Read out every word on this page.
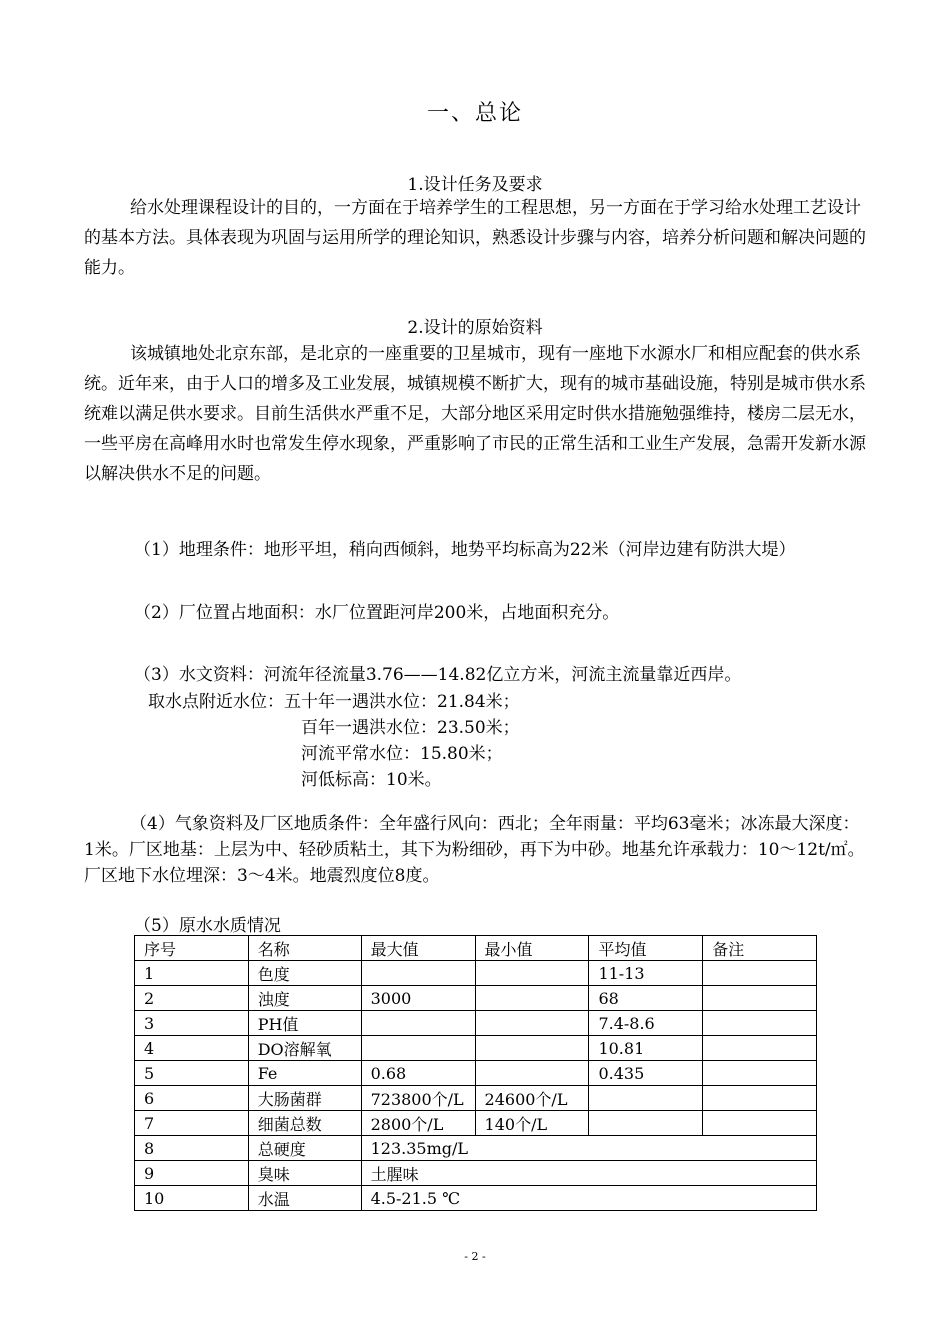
一、总论
1.设计任务及要求
给水处理课程设计的目的，一方面在于培养学生的工程思想，另一方面在于学习给水处理工艺设计的基本方法。具体表现为巩固与运用所学的理论知识，熟悉设计步骤与内容，培养分析问题和解决问题的能力。
2.设计的原始资料
该城镇地处北京东部，是北京的一座重要的卫星城市，现有一座地下水源水厂和相应配套的供水系统。近年来，由于人口的增多及工业发展，城镇规模不断扩大，现有的城市基础设施，特别是城市供水系统难以满足供水要求。目前生活供水严重不足，大部分地区采用定时供水措施勉强维持，楼房二层无水，一些平房在高峰用水时也常发生停水现象，严重影响了市民的正常生活和工业生产发展，急需开发新水源以解决供水不足的问题。
（1）地理条件：地形平坦，稍向西倾斜，地势平均标高为22米（河岸边建有防洪大堤）
（2）厂位置占地面积：水厂位置距河岸200米，占地面积充分。
（3）水文资料：河流年径流量3.76——14.82亿立方米，河流主流量靠近西岸。
取水点附近水位：五十年一遇洪水位：21.84米；
百年一遇洪水位：23.50米；
河流平常水位：15.80米；
河低标高：10米。
（4）气象资料及厂区地质条件：全年盛行风向：西北；全年雨量：平均63毫米；冰冻最大深度：1米。厂区地基：上层为中、轻砂质粘土，其下为粉细砂，再下为中砂。地基允许承载力：10～12t/㎡。厂区地下水位埋深：3～4米。地震烈度位8度。
（5）原水水质情况
序号	名称	最大值	最小值	平均值	备注
1	色度			11-13	
2	浊度	3000		68	
3	PH值			7.4-8.6	
4	DO溶解氧			10.81	
5	Fe	0.68		0.435	
6	大肠菌群	723800个/L	24600个/L		
7	细菌总数	2800个/L	140个/L		
8	总硬度	123.35mg/L			
9	臭味	土腥味			
10	水温	4.5-21.5 ℃			
- 2 -
